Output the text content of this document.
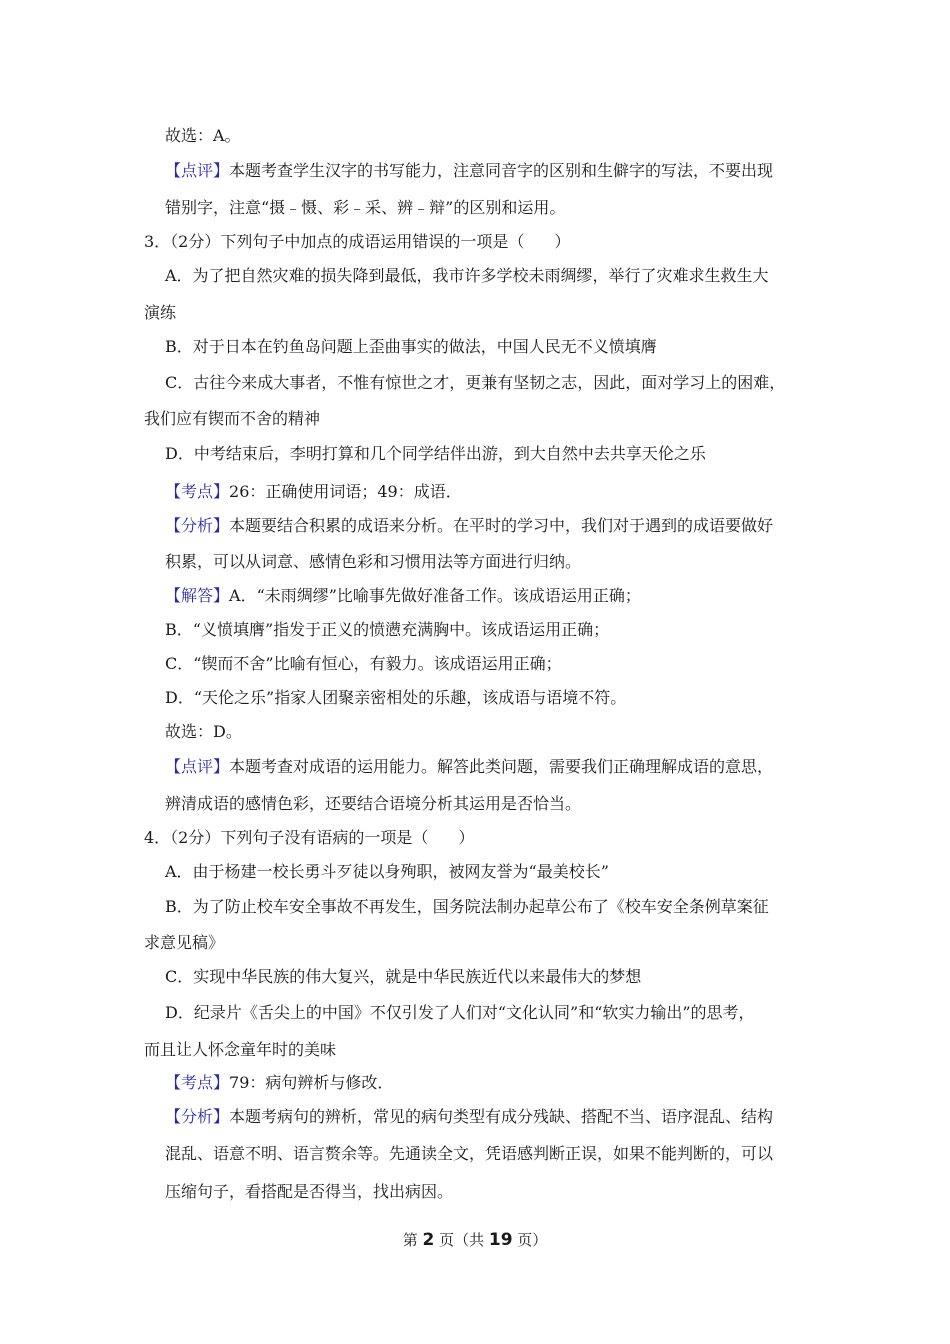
故选：A。
【点评】本题考查学生汉字的书写能力，注意同音字的区别和生僻字的写法，不要出现
错别字，注意“摄﹣慑、彩﹣采、辨﹣辩”的区别和运用。
3．（2分）下列句子中加点的成语运用错误的一项是（ ）
A．为了把自然灾难的损失降到最低，我市许多学校未雨绸缪，举行了灾难求生救生大
演练
B．对于日本在钓鱼岛问题上歪曲事实的做法，中国人民无不义愤填膺
C．古往今来成大事者，不惟有惊世之才，更兼有坚韧之志，因此，面对学习上的困难，
我们应有锲而不舍的精神
D．中考结束后，李明打算和几个同学结伴出游，到大自然中去共享天伦之乐
【考点】26：正确使用词语；49：成语．
【分析】本题要结合积累的成语来分析。在平时的学习中，我们对于遇到的成语要做好
积累，可以从词意、感情色彩和习惯用法等方面进行归纳。
【解答】A．“未雨绸缪”比喻事先做好准备工作。该成语运用正确；
B．“义愤填膺”指发于正义的愤懑充满胸中。该成语运用正确；
C．“锲而不舍”比喻有恒心，有毅力。该成语运用正确；
D．“天伦之乐”指家人团聚亲密相处的乐趣，该成语与语境不符。
故选：D。
【点评】本题考查对成语的运用能力。解答此类问题，需要我们正确理解成语的意思，
辨清成语的感情色彩，还要结合语境分析其运用是否恰当。
4．（2分）下列句子没有语病的一项是（ ）
A．由于杨建一校长勇斗歹徒以身殉职，被网友誉为“最美校长”
B．为了防止校车安全事故不再发生，国务院法制办起草公布了《校车安全条例草案征
求意见稿》
C．实现中华民族的伟大复兴，就是中华民族近代以来最伟大的梦想
D．纪录片《舌尖上的中国》不仅引发了人们对“文化认同”和“软实力输出”的思考，
而且让人怀念童年时的美味
【考点】79：病句辨析与修改．
【分析】本题考病句的辨析，常见的病句类型有成分残缺、搭配不当、语序混乱、结构
混乱、语意不明、语言赘余等。先通读全文，凭语感判断正误，如果不能判断的，可以
压缩句子，看搭配是否得当，找出病因。
第 2 页（共 19 页）
